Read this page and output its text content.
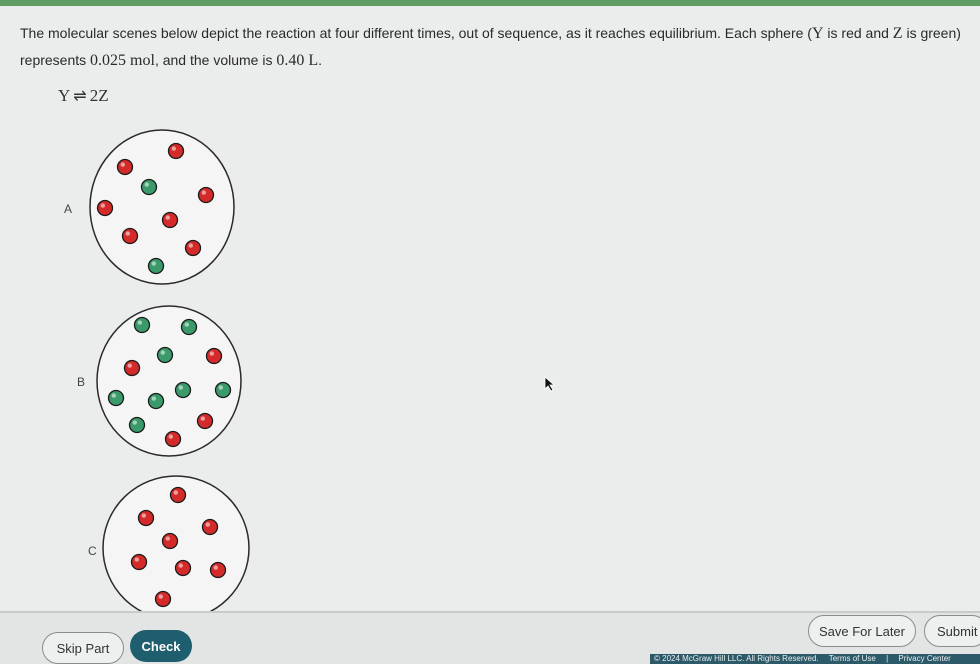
The molecular scenes below depict the reaction at four different times, out of sequence, as it reaches equilibrium. Each sphere (Y is red and Z is green)
represents 0.025 mol, and the volume is 0.40 L.
Y ⇌ 2Z
A
B
C
Skip Part	Check
Save For Later	Submit
© 2024 McGraw Hill LLC. All Rights Reserved. Terms of Use | Privacy Center
